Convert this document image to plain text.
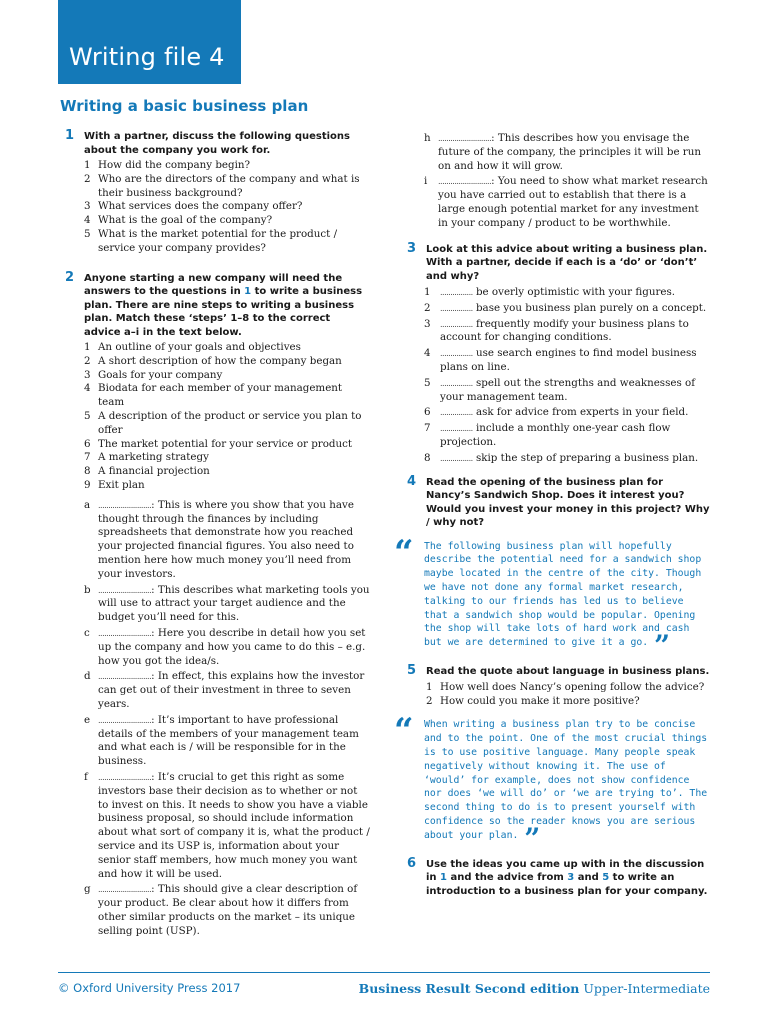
Writing file 4
Writing a basic business plan
1 With a partner, discuss the following questions about the company you work for.
1 How did the company begin?
2 Who are the directors of the company and what is their business background?
3 What services does the company offer?
4 What is the goal of the company?
5 What is the market potential for the product / service your company provides?
2 Anyone starting a new company will need the answers to the questions in 1 to write a business plan. There are nine steps to writing a business plan. Match these ‘steps’ 1–8 to the correct advice a–i in the text below.
1 An outline of your goals and objectives
2 A short description of how the company began
3 Goals for your company
4 Biodata for each member of your management team
5 A description of the product or service you plan to offer
6 The market potential for your service or product
7 A marketing strategy
8 A financial projection
9 Exit plan
a ..........................: This is where you show that you have thought through the finances by including spreadsheets that demonstrate how you reached your projected financial figures. You also need to mention here how much money you’ll need from your investors.
b ..........................: This describes what marketing tools you will use to attract your target audience and the budget you’ll need for this.
c ..........................: Here you describe in detail how you set up the company and how you came to do this – e.g. how you got the idea/s.
d ..........................: In effect, this explains how the investor can get out of their investment in three to seven years.
e ..........................: It’s important to have professional details of the members of your management team and what each is / will be responsible for in the business.
f ..........................: It’s crucial to get this right as some investors base their decision as to whether or not to invest on this. It needs to show you have a viable business proposal, so should include information about what sort of company it is, what the product / service and its USP is, information about your senior staff members, how much money you want and how it will be used.
g ..........................: This should give a clear description of your product. Be clear about how it differs from other similar products on the market – its unique selling point (USP).
h ..........................: This describes how you envisage the future of the company, the principles it will be run on and how it will grow.
i ..........................: You need to show what market research you have carried out to establish that there is a large enough potential market for any investment in your company / product to be worthwhile.
3 Look at this advice about writing a business plan. With a partner, decide if each is a ‘do’ or ‘don’t’ and why?
1 ................ be overly optimistic with your figures.
2 ................ base you business plan purely on a concept.
3 ................ frequently modify your business plans to account for changing conditions.
4 ................ use search engines to find model business plans on line.
5 ................ spell out the strengths and weaknesses of your management team.
6 ................ ask for advice from experts in your field.
7 ................ include a monthly one-year cash flow projection.
8 ................ skip the step of preparing a business plan.
4 Read the opening of the business plan for Nancy’s Sandwich Shop. Does it interest you? Would you invest your money in this project? Why / why not?
“ The following business plan will hopefully describe the potential need for a sandwich shop maybe located in the centre of the city. Though we have not done any formal market research, talking to our friends has led us to believe that a sandwich shop would be popular. Opening the shop will take lots of hard work and cash but we are determined to give it a go. ”
5 Read the quote about language in business plans.
1 How well does Nancy’s opening follow the advice?
2 How could you make it more positive?
“ When writing a business plan try to be concise and to the point. One of the most crucial things is to use positive language. Many people speak negatively without knowing it. The use of ‘would’ for example, does not show confidence nor does ‘we will do’ or ‘we are trying to’. The second thing to do is to present yourself with confidence so the reader knows you are serious about your plan. ”
6 Use the ideas you came up with in the discussion in 1 and the advice from 3 and 5 to write an introduction to a business plan for your company.
© Oxford University Press 2017	Business Result Second edition Upper-Intermediate
